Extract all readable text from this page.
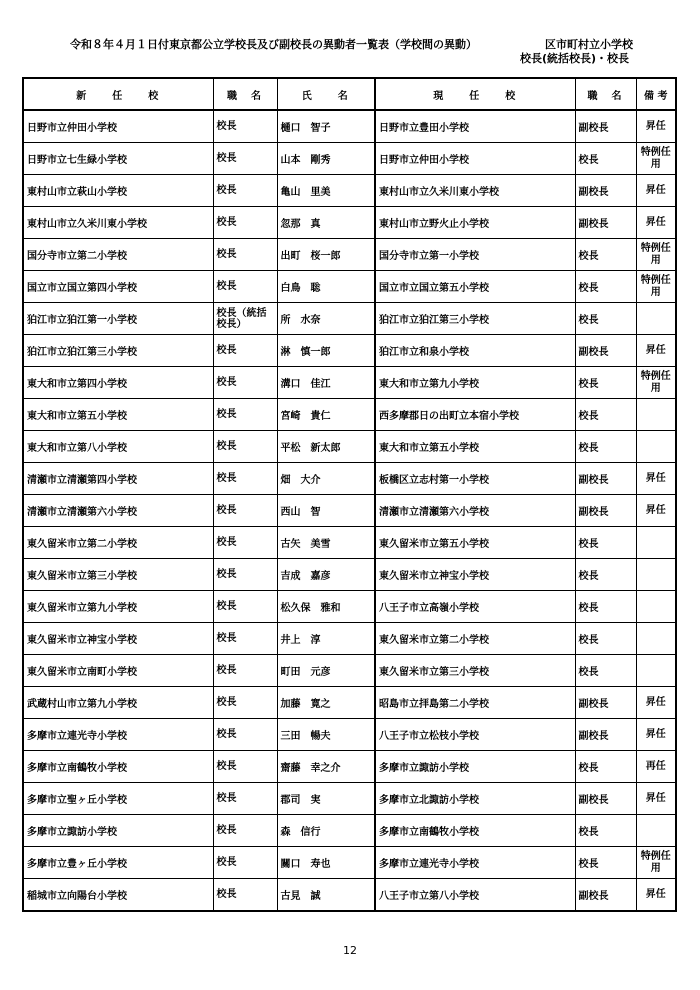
令和８年４月１日付東京都公立学校長及び副校長の異動者一覧表（学校間の異動）	区市町村立小学校
校長(統括校長)・校長
新　　任　　校	職　名	氏　　名	現　　任　　校	職　名	備 考
日野市立仲田小学校	校長	樋口　智子	日野市立豊田小学校	副校長	昇任
日野市立七生緑小学校	校長	山本　剛秀	日野市立仲田小学校	校長	特例任用
東村山市立萩山小学校	校長	亀山　里美	東村山市立久米川東小学校	副校長	昇任
東村山市立久米川東小学校	校長	忽那　真	東村山市立野火止小学校	副校長	昇任
国分寺市立第二小学校	校長	出町　桜一郎	国分寺市立第一小学校	校長	特例任用
国立市立国立第四小学校	校長	白鳥　聡	国立市立国立第五小学校	校長	特例任用
狛江市立狛江第一小学校	校長（統括校長）	所　水奈	狛江市立狛江第三小学校	校長	
狛江市立狛江第三小学校	校長	淋　慎一郎	狛江市立和泉小学校	副校長	昇任
東大和市立第四小学校	校長	溝口　佳江	東大和市立第九小学校	校長	特例任用
東大和市立第五小学校	校長	宮崎　貴仁	西多摩郡日の出町立本宿小学校	校長	
東大和市立第八小学校	校長	平松　新太郎	東大和市立第五小学校	校長	
清瀬市立清瀬第四小学校	校長	畑　大介	板橋区立志村第一小学校	副校長	昇任
清瀬市立清瀬第六小学校	校長	西山　智	清瀬市立清瀬第六小学校	副校長	昇任
東久留米市立第二小学校	校長	古矢　美雪	東久留米市立第五小学校	校長	
東久留米市立第三小学校	校長	吉成　嘉彦	東久留米市立神宝小学校	校長	
東久留米市立第九小学校	校長	松久保　雅和	八王子市立高嶺小学校	校長	
東久留米市立神宝小学校	校長	井上　淳	東久留米市立第二小学校	校長	
東久留米市立南町小学校	校長	町田　元彦	東久留米市立第三小学校	校長	
武蔵村山市立第九小学校	校長	加藤　寛之	昭島市立拝島第二小学校	副校長	昇任
多摩市立連光寺小学校	校長	三田　暢夫	八王子市立松枝小学校	副校長	昇任
多摩市立南鶴牧小学校	校長	齋藤　幸之介	多摩市立諏訪小学校	校長	再任
多摩市立聖ヶ丘小学校	校長	郡司　実	多摩市立北諏訪小学校	副校長	昇任
多摩市立諏訪小学校	校長	森　信行	多摩市立南鶴牧小学校	校長	
多摩市立豊ヶ丘小学校	校長	關口　寿也	多摩市立連光寺小学校	校長	特例任用
稲城市立向陽台小学校	校長	古見　誠	八王子市立第八小学校	副校長	昇任
12
